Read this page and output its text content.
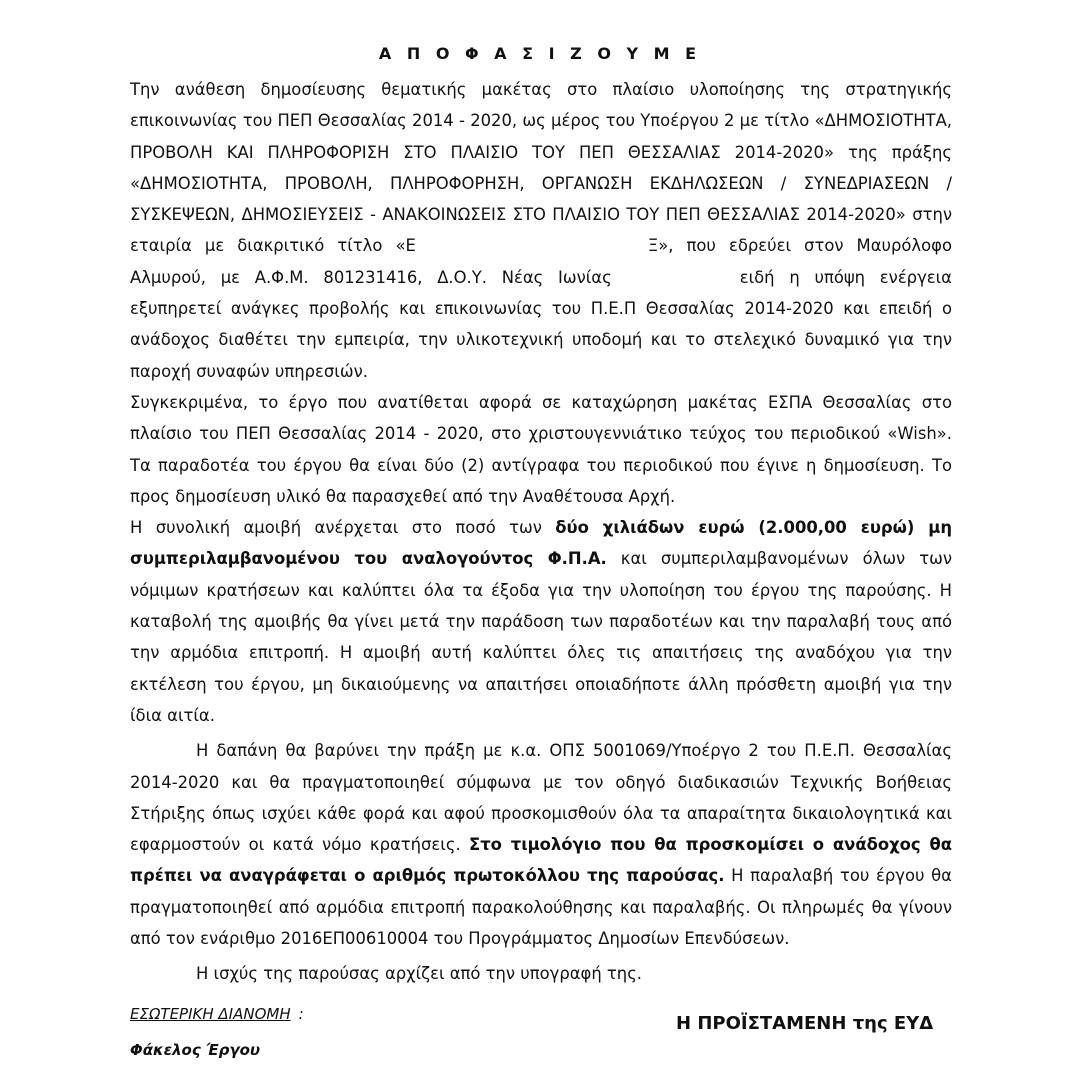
Α Π Ο Φ Α Σ Ι Ζ Ο Υ Μ Ε

Την ανάθεση δημοσίευσης θεματικής μακέτας στο πλαίσιο υλοποίησης της στρατηγικής επικοινωνίας του ΠΕΠ Θεσσαλίας 2014 - 2020, ως μέρος του Υποέργου 2 με τίτλο «ΔΗΜΟΣΙΟΤΗΤΑ, ΠΡΟΒΟΛΗ ΚΑΙ ΠΛΗΡΟΦΟΡΙΣΗ ΣΤΟ ΠΛΑΙΣΙΟ ΤΟΥ ΠΕΠ ΘΕΣΣΑΛΙΑΣ 2014-2020» της πράξης «ΔΗΜΟΣΙΟΤΗΤΑ, ΠΡΟΒΟΛΗ, ΠΛΗΡΟΦΟΡΗΣΗ, ΟΡΓΑΝΩΣΗ ΕΚΔΗΛΩΣΕΩΝ / ΣΥΝΕΔΡΙΑΣΕΩΝ /ΣΥΣΚΕΨΕΩΝ, ΔΗΜΟΣΙΕΥΣΕΙΣ - ΑΝΑΚΟΙΝΩΣΕΙΣ ΣΤΟ ΠΛΑΙΣΙΟ ΤΟΥ ΠΕΠ ΘΕΣΣΑΛΙΑΣ 2014-2020» στην εταιρία με διακριτικό τίτλο «Ε	Ξ», που εδρεύει στον Μαυρόλοφο Αλμυρού, με Α.Φ.Μ. 801231416, Δ.Ο.Υ. Νέας Ιωνίας	ειδή η υπόψη ενέργεια εξυπηρετεί ανάγκες προβολής και επικοινωνίας του Π.Ε.Π Θεσσαλίας 2014-2020 και επειδή ο ανάδοχος διαθέτει την εμπειρία, την υλικοτεχνική υποδομή και το στελεχικό δυναμικό για την παροχή συναφών υπηρεσιών.

Συγκεκριμένα, το έργο που ανατίθεται αφορά σε καταχώρηση μακέτας ΕΣΠΑ Θεσσαλίας στο πλαίσιο του ΠΕΠ Θεσσαλίας 2014 - 2020, στο χριστουγεννιάτικο τεύχος του περιοδικού «Wish». Τα παραδοτέα του έργου θα είναι δύο (2) αντίγραφα του περιοδικού που έγινε η δημοσίευση. Το προς δημοσίευση υλικό θα παρασχεθεί από την Αναθέτουσα Αρχή.

Η συνολική αμοιβή ανέρχεται στο ποσό των δύο χιλιάδων ευρώ (2.000,00 ευρώ) μη συμπεριλαμβανομένου του αναλογούντος Φ.Π.Α. και συμπεριλαμβανομένων όλων των νόμιμων κρατήσεων και καλύπτει όλα τα έξοδα για την υλοποίηση του έργου της παρούσης. Η καταβολή της αμοιβής θα γίνει μετά την παράδοση των παραδοτέων και την παραλαβή τους από την αρμόδια επιτροπή. Η αμοιβή αυτή καλύπτει όλες τις απαιτήσεις της αναδόχου για την εκτέλεση του έργου, μη δικαιούμενης να απαιτήσει οποιαδήποτε άλλη πρόσθετη αμοιβή για την ίδια αιτία.

Η δαπάνη θα βαρύνει την πράξη με κ.α. ΟΠΣ 5001069/Υποέργο 2 του Π.Ε.Π. Θεσσαλίας 2014-2020 και θα πραγματοποιηθεί σύμφωνα με τον οδηγό διαδικασιών Τεχνικής Βοήθειας Στήριξης όπως ισχύει κάθε φορά και αφού προσκομισθούν όλα τα απαραίτητα δικαιολογητικά και εφαρμοστούν οι κατά νόμο κρατήσεις. Στο τιμολόγιο που θα προσκομίσει ο ανάδοχος θα πρέπει να αναγράφεται ο αριθμός πρωτοκόλλου της παρούσας. Η παραλαβή του έργου θα πραγματοποιηθεί από αρμόδια επιτροπή παρακολούθησης και παραλαβής. Οι πληρωμές θα γίνουν από τον ενάριθμο 2016ΕΠ00610004 του Προγράμματος Δημοσίων Επενδύσεων.

Η ισχύς της παρούσας αρχίζει από την υπογραφή της.

ΕΣΩΤΕΡΙΚΗ ΔΙΑΝΟΜΗ :
Φάκελος Έργου
Η ΠΡΟΪΣΤΑΜΕΝΗ της ΕΥΔ
